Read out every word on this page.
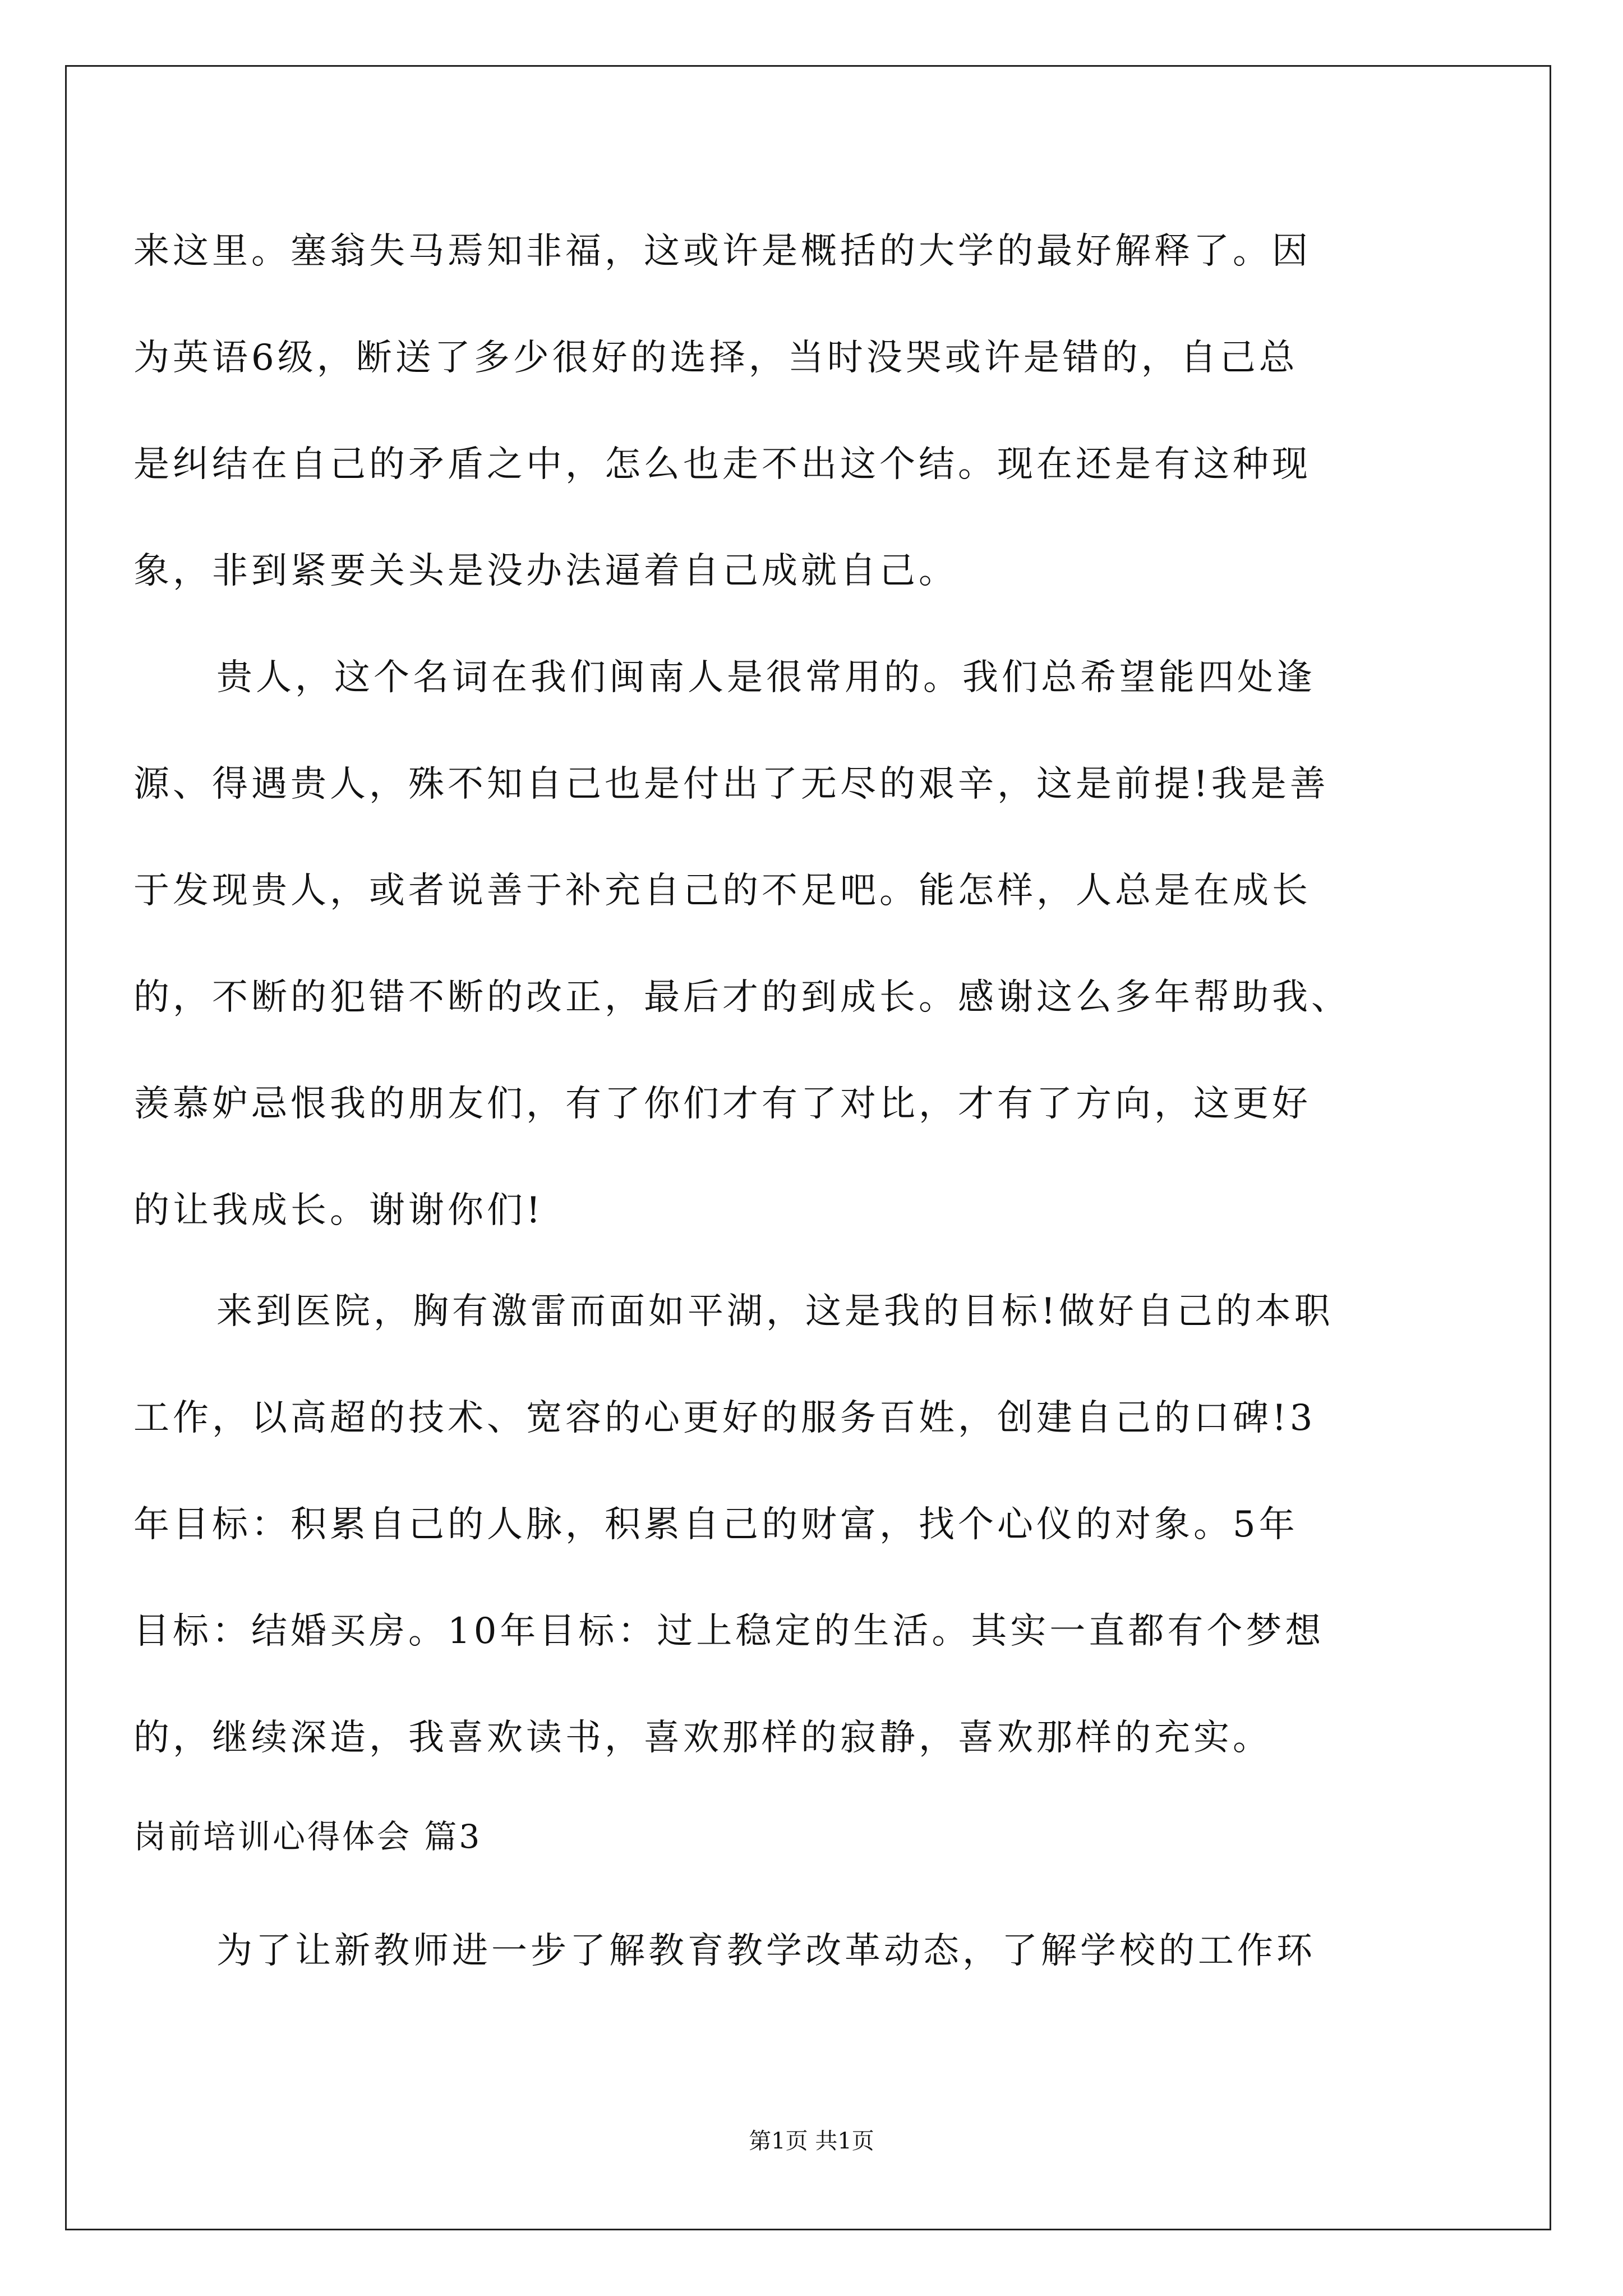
来这里。塞翁失马焉知非福，这或许是概括的大学的最好解释了。因
为英语6级，断送了多少很好的选择，当时没哭或许是错的，自己总
是纠结在自己的矛盾之中，怎么也走不出这个结。现在还是有这种现
象，非到紧要关头是没办法逼着自己成就自己。
贵人，这个名词在我们闽南人是很常用的。我们总希望能四处逢
源、得遇贵人，殊不知自己也是付出了无尽的艰辛，这是前提!我是善
于发现贵人，或者说善于补充自己的不足吧。能怎样，人总是在成长
的，不断的犯错不断的改正，最后才的到成长。感谢这么多年帮助我、
羡慕妒忌恨我的朋友们，有了你们才有了对比，才有了方向，这更好
的让我成长。谢谢你们!
来到医院，胸有激雷而面如平湖，这是我的目标!做好自己的本职
工作，以高超的技术、宽容的心更好的服务百姓，创建自己的口碑!3
年目标：积累自己的人脉，积累自己的财富，找个心仪的对象。5年
目标：结婚买房。10年目标：过上稳定的生活。其实一直都有个梦想
的，继续深造，我喜欢读书，喜欢那样的寂静，喜欢那样的充实。
岗前培训心得体会 篇3
为了让新教师进一步了解教育教学改革动态，了解学校的工作环
第1页 共1页
